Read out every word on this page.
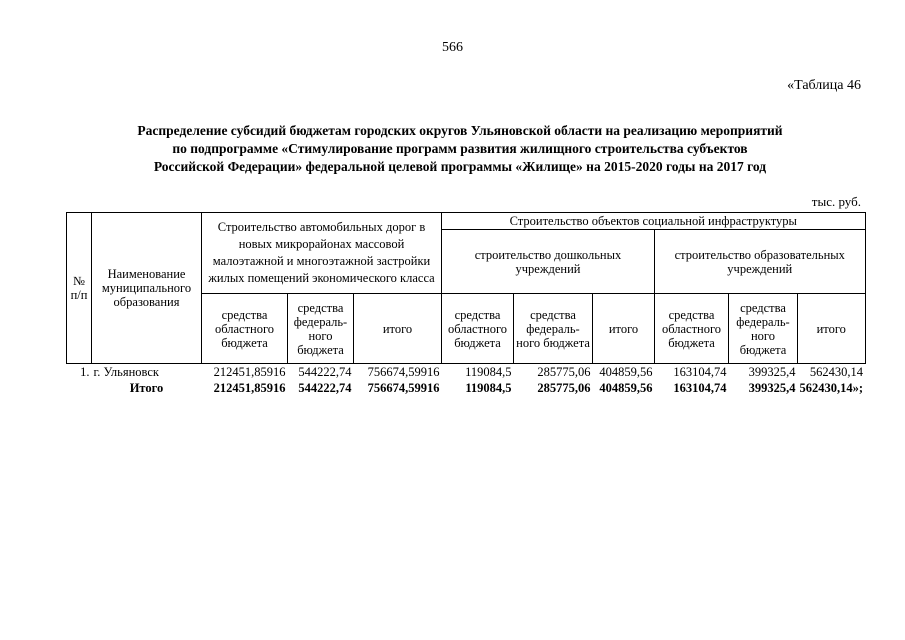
566
«Таблица 46
Распределение субсидий бюджетам городских округов Ульяновской области на реализацию мероприятий
по подпрограмме «Стимулирование программ развития жилищного строительства субъектов
Российской Федерации» федеральной целевой программы «Жилище» на 2015-2020 годы на 2017 год
тыс. руб.
№ п/п	Наименование муниципального образования	Строительство автомобильных дорог в новых микрорайонах массовой малоэтажной и многоэтажной застройки жилых помещений экономического класса			Строительство объектов социальной инфраструктуры					
					строительство дошкольных учреждений			строительство образовательных учреждений		
		средства областного бюджета	средства федераль-ного бюджета	итого	средства областного бюджета	средства федераль-ного бюджета	итого	средства областного бюджета	средства федераль-ного бюджета	итого
1.	г. Ульяновск	212451,85916	544222,74	756674,59916	119084,5	285775,06	404859,56	163104,74	399325,4	562430,14
	Итого	212451,85916	544222,74	756674,59916	119084,5	285775,06	404859,56	163104,74	399325,4	562430,14»;
